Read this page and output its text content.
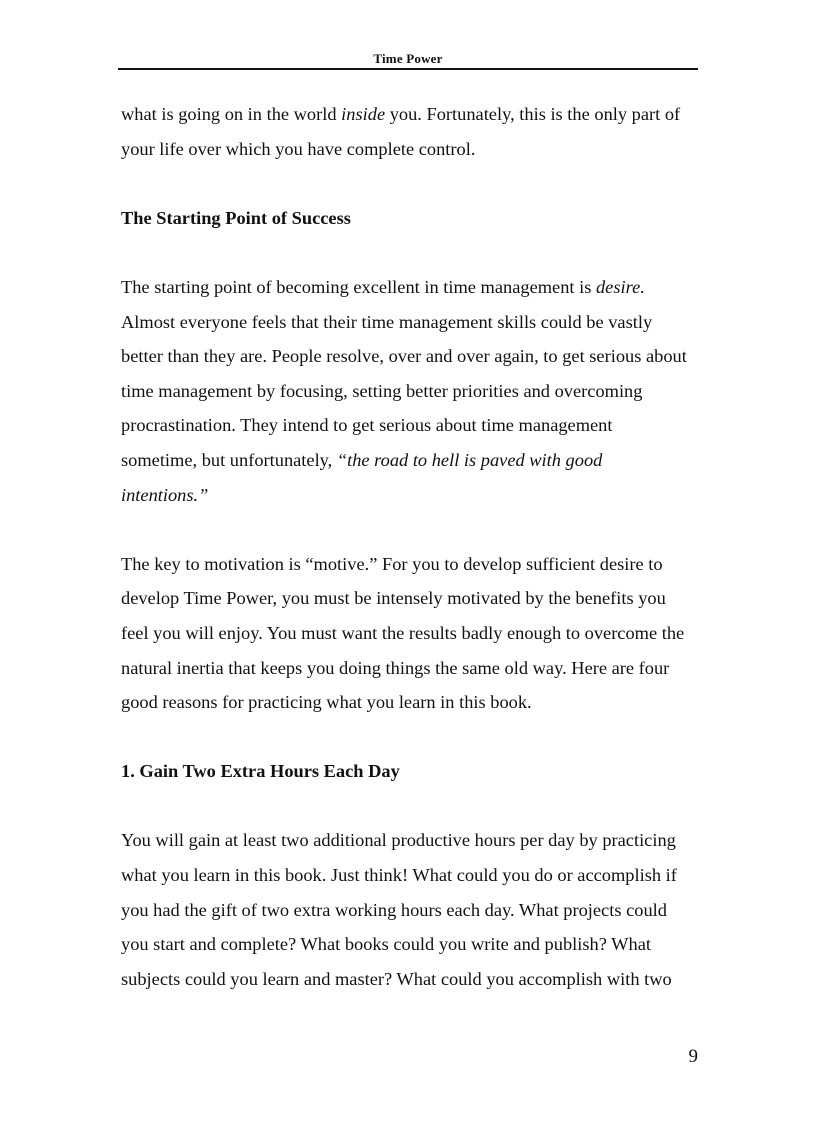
Time Power

what is going on in the world inside you. Fortunately, this is the only part of
your life over which you have complete control.

The Starting Point of Success

The starting point of becoming excellent in time management is desire.
Almost everyone feels that their time management skills could be vastly
better than they are. People resolve, over and over again, to get serious about
time management by focusing, setting better priorities and overcoming
procrastination. They intend to get serious about time management
sometime, but unfortunately, “the road to hell is paved with good
intentions.”

The key to motivation is “motive.” For you to develop sufficient desire to
develop Time Power, you must be intensely motivated by the benefits you
feel you will enjoy. You must want the results badly enough to overcome the
natural inertia that keeps you doing things the same old way. Here are four
good reasons for practicing what you learn in this book.

1. Gain Two Extra Hours Each Day

You will gain at least two additional productive hours per day by practicing
what you learn in this book. Just think! What could you do or accomplish if
you had the gift of two extra working hours each day. What projects could
you start and complete? What books could you write and publish? What
subjects could you learn and master? What could you accomplish with two

9
